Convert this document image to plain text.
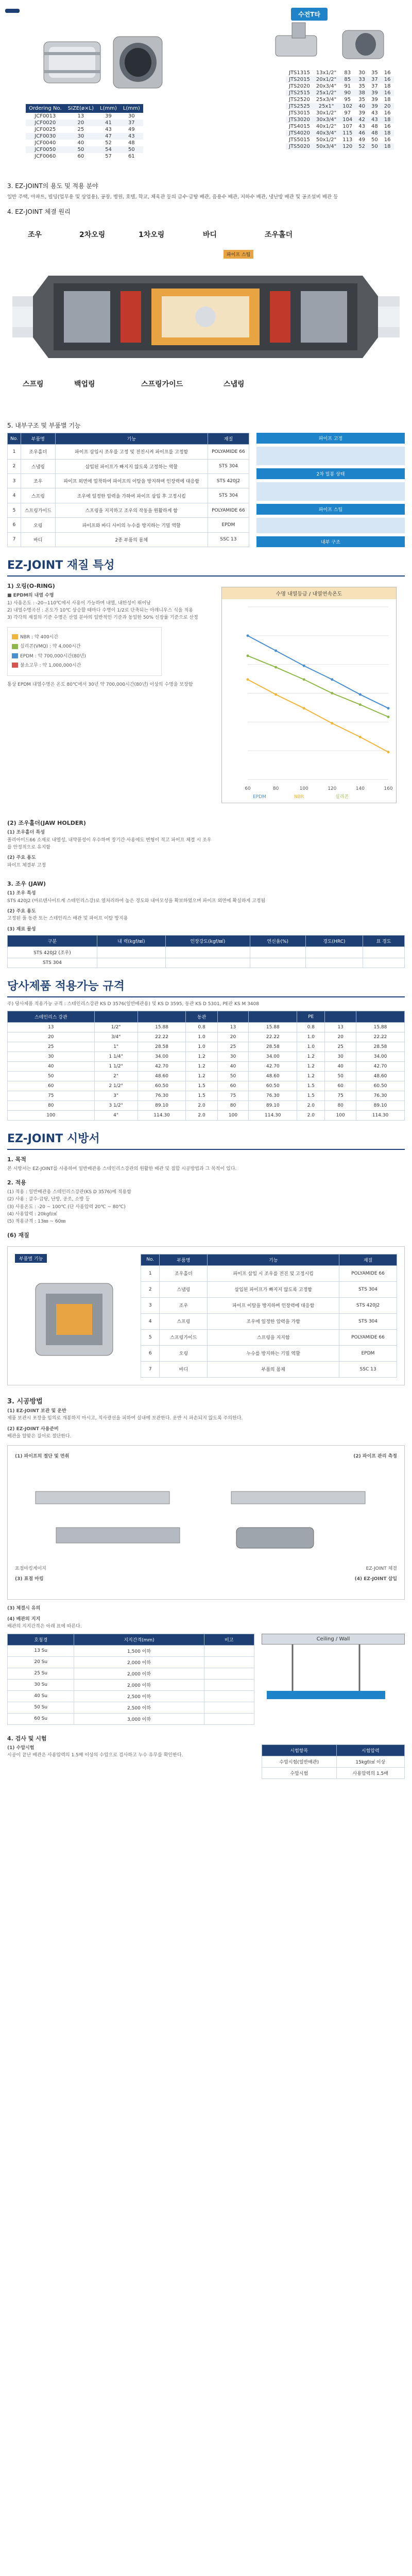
Ordering No.	SIZE(ø×L)	L(mm)	L(mm)
JCF0013	13	39	30
JCF0020	20	41	37
JCF0025	25	43	49
JCF0030	30	47	43
JCF0040	40	52	48
JCF0050	50	54	50
JCF0060	60	57	61
수전T타
JTS1315	13x1/2"	83	30	35	16
JTS2015	20x1/2"	85	33	37	16
JTS2020	20x3/4"	91	35	37	18
JTS2515	25x1/2"	90	38	39	16
JTS2520	25x3/4"	95	35	39	18
JTS2525	25x1"	102	40	39	20
JTS3015	30x1/2"	97	39	43	16
JTS3020	30x3/4"	104	42	43	18
JTS4015	40x1/2"	107	43	48	16
JTS4020	40x3/4"	115	46	48	18
JTS5015	50x1/2"	113	49	50	16
JTS5020	50x3/4"	120	52	50	18
3. EZ-JOINT의 용도 및 적용 분야
일반 주택, 아파트, 빌딩(업무용 및 상업용), 공장, 병원, 호텔, 학교, 체육관 등의 급수·급탕 배관, 음용수 배관, 지하수 배관, 냉난방 배관 및 공조설비 배관 등
4. EZ-JOINT 체결 원리
조우	2차오링	1차오링	바디	조우홀더
스프링	백업링	스프링가이드	스냅링
파이프 스팁
5. 내부구조 및 부품별 기능
No.	부품명	기능	재질
1	조우홀더	파이프 삽입시 조우를 고정 및 전진시켜 파이프를 고정함	POLYAMIDE 66
2	스냅링	삽입된 파이프가 빠지지 않도록 고정하는 역할	STS 304
3	조우	파이프 외면에 밀착하여 파이프의 이탈을 방지하며 인장력에 대응함	STS 420J2
4	스프링	조우에 일정한 압력을 가하여 파이프 삽입 후 고정시킴	STS 304
5	스프링가이드	스프링을 지지하고 조우의 작동을 원활하게 함	POLYAMIDE 66
6	오링	파이프와 바디 사이의 누수를 방지하는 기밀 역할	EPDM
7	바디	2종 부품의 몸체	SSC 13
파이프 고정
2차 밀봉 상태
파이프 스팁
내부 구조
EZ-JOINT 재질 특성
1) 오링(O-RING)
■ EPDM의 내열 수명
1) 사용온도 : -20~110℃에서 사용이 가능하며 내열, 내한성이 뛰어남
2) 내열수명곡선 : 온도가 10℃ 상승할 때마다 수명이 1/2로 단축되는 아레니우스 식을 적용
3) 각각의 재질의 기준 수명은 산업 분야의 일반적인 기준과 동일한 50% 신장률 기준으로 산정
NBR : 약 400시간
실리콘(VMQ) : 약 4,000시간
EPDM : 약 700,000시간(80년)
불소고무 : 약 1,000,000시간
통상 EPDM 내열수명은 온도 80℃에서 30년 약 700,000시간(80년) 이상의 수명을 보장함
수명 내열등급 / 내열연속온도
60	80	100	120	140	160
EPDM	NBR	실리콘
(2) 조우홀더(JAW HOLDER)
(1) 조우홀더 특성
폴리아미드66 소재로 내열성, 내약품성이 우수하며 장기간 사용에도 변형이 적고 파이프 체결 시 조우를 안정적으로 유지함
(2) 주요 용도
파이프 체결부 고정
3. 조우 (JAW)
(1) 조우 특성
STS 420J2 (마르텐사이트계 스테인리스강)로 열처리하여 높은 경도와 내마모성을 확보하였으며 파이프 외면에 확실하게 고정됨
(2) 주요 용도
고정된 풀 동관 또는 스테인리스 배관 및 파이프 이탈 방지용
(3) 재료 물성
구분	내 력(kgf/㎟)	인장강도(kgf/㎟)	연신율(%)	경도(HRC)	표 경도
STS 420J2 (조우)					
STS 304					
당사제품 적용가능 규격
주) 당사제품 적용가능 규격 : 스테인리스강관 KS D 3576(일반배관용) 및 KS D 3595, 동관 KS D 5301, PE관 KS M 3408
스테인리스 강관			동관			PE		
13	1/2"	15.88	0.8	13	15.88	0.8	13	15.88
20	3/4"	22.22	1.0	20	22.22	1.0	20	22.22
25	1"	28.58	1.0	25	28.58	1.0	25	28.58
30	1 1/4"	34.00	1.2	30	34.00	1.2	30	34.00
40	1 1/2"	42.70	1.2	40	42.70	1.2	40	42.70
50	2"	48.60	1.2	50	48.60	1.2	50	48.60
60	2 1/2"	60.50	1.5	60	60.50	1.5	60	60.50
75	3"	76.30	1.5	75	76.30	1.5	75	76.30
80	3 1/2"	89.10	2.0	80	89.10	2.0	80	89.10
100	4"	114.30	2.0	100	114.30	2.0	100	114.30
EZ-JOINT 시방서
1. 목적
본 시방서는 EZ-JOINT를 사용하여 일반배관용 스테인리스강관의 원활한 배관 및 접합 시공방법과 그 목적이 있다.
2. 적용
(1) 적용 : 일반배관용 스테인리스강관(KS D 3576)에 적용함
(2) 사용 : 급수·급탕, 난방, 공조, 소방 등
(3) 사용온도 : -20 ~ 100℃ (단 사용압력 20℃ ~ 80℃)
(4) 사용압력 : 20kgf/㎠
(5) 적용규격 : 13㎜ ~ 60㎜
(6) 재질
부품별 기능	No.	부품명	기능	재질
1	조우홀더	파이프 삽입 시 조우를 전진 및 고정시킴	POLYAMIDE 66
2	스냅링	삽입된 파이프가 빠지지 않도록 고정함	STS 304
3	조우	파이프 이탈을 방지하며 인장력에 대응함	STS 420J2
4	스프링	조우에 일정한 압력을 가함	STS 304
5	스프링가이드	스프링을 지지함	POLYAMIDE 66
6	오링	누수를 방지하는 기밀 역할	EPDM
7	바디	부품의 몸체	SSC 13
3. 시공방법
(1) EZ-JOINT 보관 및 운반
제품 보관시 포장을 임의로 개봉하지 마시고, 직사광선을 피하여 실내에 보관한다. 운반 시 파손되지 않도록 주의한다.
(2) EZ-JOINT 사용준비
배관을 알맞은 길이로 절단한다.
(1) 파이프의 절단 및 면취	(2) 파이프 관리 측정
표점마킹게이지	EZ-JOINT 체결
(3) 표점 마킹	(4) EZ-JOINT 삽입
(3) 체결시 유의
(4) 배관의 지지
배관의 지지간격은 아래 표에 따른다.
호칭경	지지간격(mm)	비고
13 Su	1,500 이하	
20 Su	2,000 이하	
25 Su	2,000 이하	
30 Su	2,000 이하	
40 Su	2,500 이하	
50 Su	2,500 이하	
60 Su	3,000 이하	
Ceiling / Wall
4. 검사 및 시험
(1) 수압시험
시공이 끝난 배관은 사용압력의 1.5배 이상의 수압으로 검사하고 누수 유무를 확인한다.
시험항목	시험압력
수압시험(일반배관)	15kgf/㎠ 이상
수압시험	사용압력의 1.5배
